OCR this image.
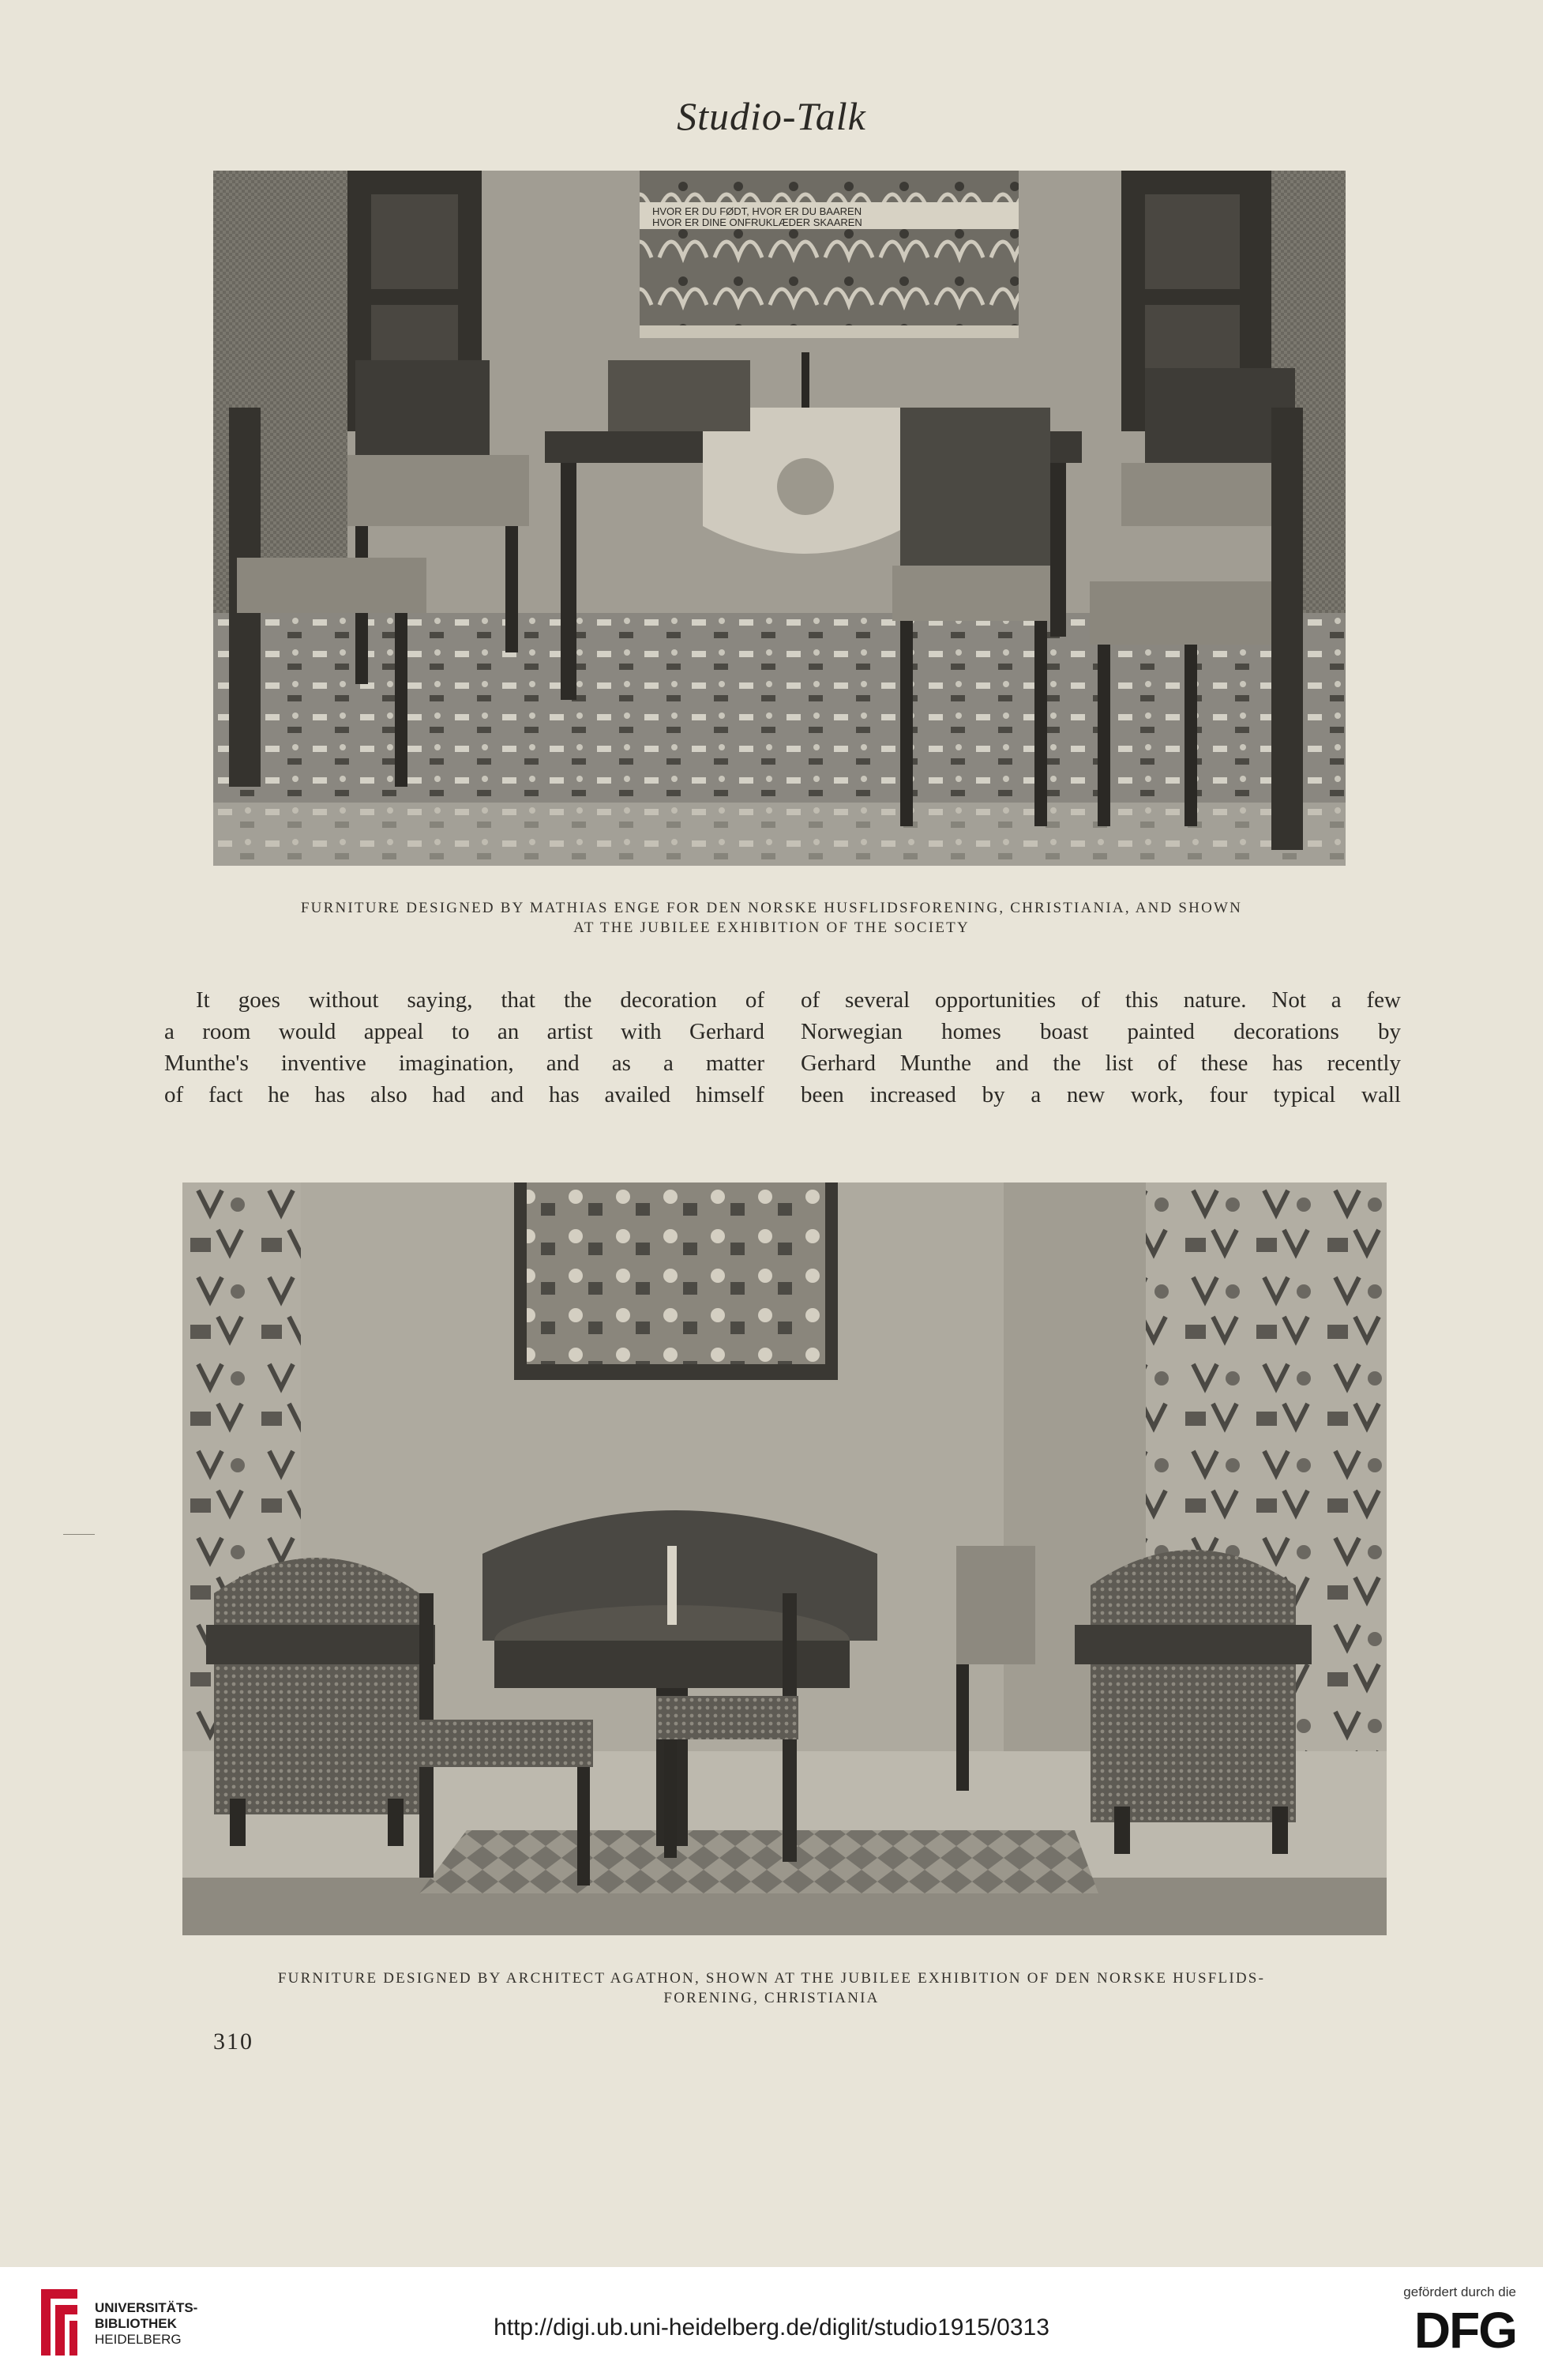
Studio-Talk
HVOR ER DU FØDT, HVOR ER DU BAAREN
HVOR ER DINE ONFRUKLÆDER SKAAREN
FURNITURE DESIGNED BY MATHIAS ENGE FOR DEN NORSKE HUSFLIDSFORENING, CHRISTIANIA, AND SHOWN
AT THE JUBILEE EXHIBITION OF THE SOCIETY
It goes without saying, that the decoration of
a room would appeal to an artist with Gerhard
Munthe's inventive imagination, and as a matter
of fact he has also had and has availed himself
of several opportunities of this nature. Not a few
Norwegian homes boast painted decorations by
Gerhard Munthe and the list of these has recently
been increased by a new work, four typical wall
FURNITURE DESIGNED BY ARCHITECT AGATHON, SHOWN AT THE JUBILEE EXHIBITION OF DEN NORSKE HUSFLIDS-
FORENING, CHRISTIANIA
310
UNIVERSITÄTS-
BIBLIOTHEK
HEIDELBERG	http://digi.ub.uni-heidelberg.de/diglit/studio1915/0313
gefördert durch die
DFG
